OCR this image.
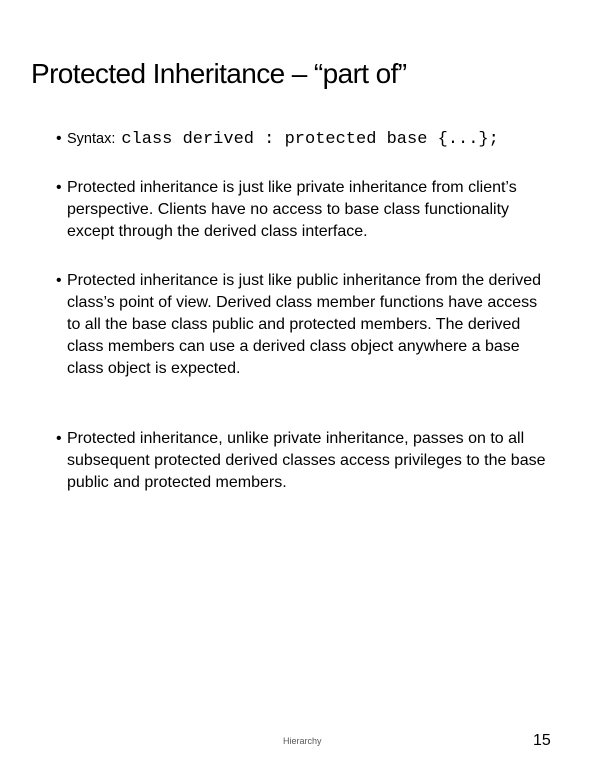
Protected Inheritance – “part of”
• Syntax: class derived : protected base {...};
• Protected inheritance is just like private inheritance from client’s perspective. Clients have no access to base class functionality except through the derived class interface.
• Protected inheritance is just like public inheritance from the derived class’s point of view. Derived class member functions have access to all the base class public and protected members. The derived class members can use a derived class object anywhere a base class object is expected.
• Protected inheritance, unlike private inheritance, passes on to all subsequent protected derived classes access privileges to the base public and protected members.
Hierarchy	15
